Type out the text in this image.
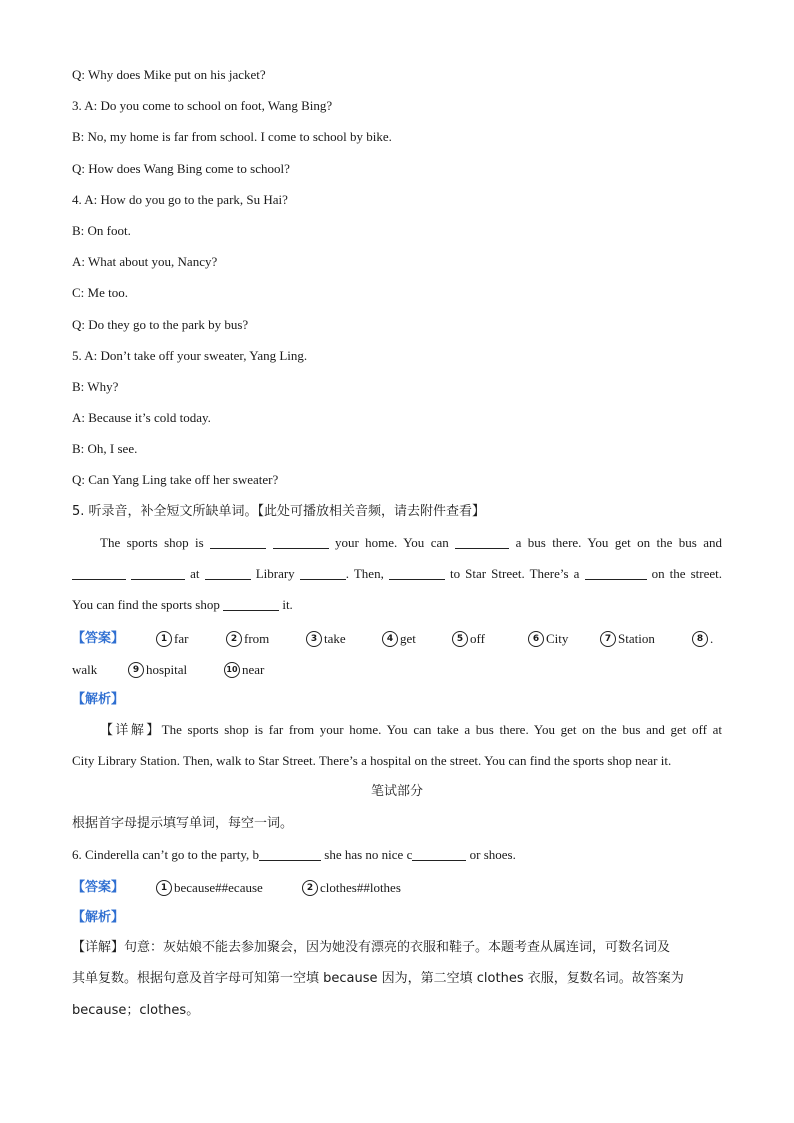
Q: Why does Mike put on his jacket?
3. A: Do you come to school on foot, Wang Bing?
B: No, my home is far from school. I come to school by bike.
Q: How does Wang Bing come to school?
4. A: How do you go to the park, Su Hai?
B: On foot.
A: What about you, Nancy?
C: Me too.
Q: Do they go to the park by bus?
5. A: Don’t take off your sweater, Yang Ling.
B: Why?
A: Because it’s cold today.
B: Oh, I see.
Q: Can Yang Ling take off her sweater?
5. 听录音，补全短文所缺单词。【此处可播放相关音频，请去附件查看】
The sports shop is	your home. You can	a bus there. You get on the bus and
at	Library	. Then,	to Star Street. There’s a	on the street.
You can find the sports shop	it.
【答案】	1 far	2 from	3 take	4 get	5 off	6 City	7 Station	8 .
walk	9 hospital	10 near
【解析】
【详解】The sports shop is far from your home. You can take a bus there. You get on the bus and get off at
City Library Station. Then, walk to Star Street. There’s a hospital on the street. You can find the sports shop near it.
笔试部分
根据首字母提示填写单词，每空一词。
6. Cinderella can’t go to the party, b	she has no nice c	or shoes.
【答案】	1 because##ecause	2 clothes##lothes
【解析】
【详解】句意：灰姑娘不能去参加聚会，因为她没有漂亮的衣服和鞋子。本题考查从属连词，可数名词及
其单复数。根据句意及首字母可知第一空填 because 因为，第二空填 clothes 衣服，复数名词。故答案为
because；clothes。
